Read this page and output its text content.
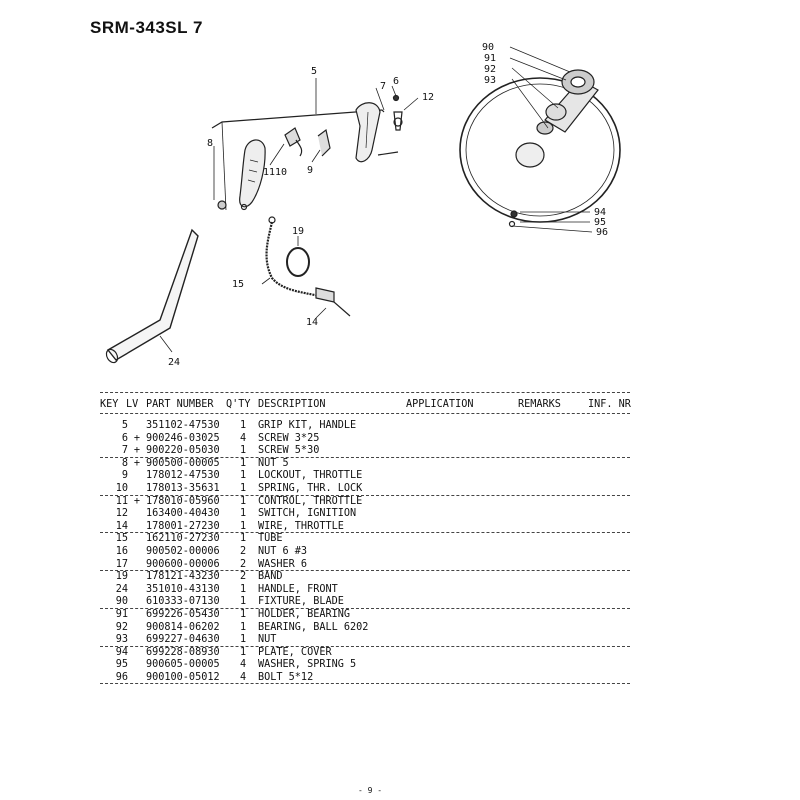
SRM-343SL 7
5
6
7
12
8
1110 9
90
91
92
93
94
95
96
19
15
14
24
KEY LV PART NUMBER Q'TY DESCRIPTION	APPLICATION	REMARKS	INF. NR
5 351102-47530 1 GRIP KIT, HANDLE
6 + 900246-03025 4 SCREW 3*25
7 + 900220-05030 1 SCREW 5*30
8 + 900500-00005 1 NUT 5
9 178012-47530 1 LOCKOUT, THROTTLE
10 178013-35631 1 SPRING, THR. LOCK
11 + 178010-05960 1 CONTROL, THROTTLE
12 163400-40430 1 SWITCH, IGNITION
14 178001-27230 1 WIRE, THROTTLE
15 162110-27230 1 TUBE
16 900502-00006 2 NUT 6 #3
17 900600-00006 2 WASHER 6
19 178121-43230 2 BAND
24 351010-43130 1 HANDLE, FRONT
90 610333-07130 1 FIXTURE, BLADE
91 699226-05430 1 HOLDER, BEARING
92 900814-06202 1 BEARING, BALL 6202
93 699227-04630 1 NUT
94 699228-08930 1 PLATE, COVER
95 900605-00005 4 WASHER, SPRING 5
96 900100-05012 4 BOLT 5*12
- 9 -
